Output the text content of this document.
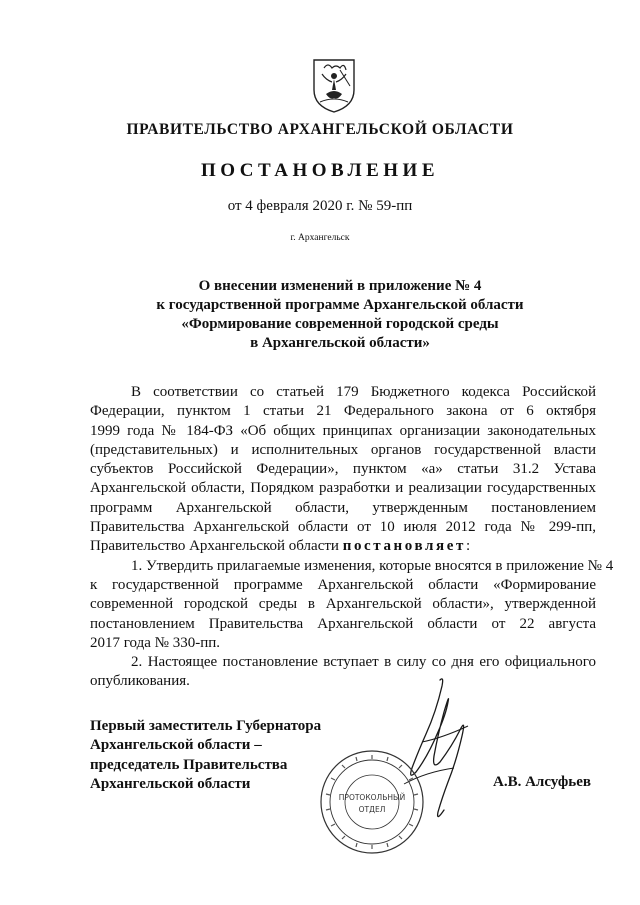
ПРАВИТЕЛЬСТВО АРХАНГЕЛЬСКОЙ ОБЛАСТИ
ПОСТАНОВЛЕНИЕ
от 4 февраля 2020 г. № 59-пп
г. Архангельск
О внесении изменений в приложение № 4
к государственной программе Архангельской области
«Формирование современной городской среды
в Архангельской области»
В соответствии со статьей 179 Бюджетного кодекса Российской
Федерации, пунктом 1 статьи 21 Федерального закона от 6 октября
1999 года № 184-ФЗ «Об общих принципах организации законодательных
(представительных) и исполнительных органов государственной власти
субъектов Российской Федерации», пунктом «а» статьи 31.2 Устава
Архангельской области, Порядком разработки и реализации государственных
программ Архангельской области, утвержденным постановлением
Правительства Архангельской области от 10 июля 2012 года № 299-пп,
Правительство Архангельской области постановляет:
1. Утвердить прилагаемые изменения, которые вносятся в приложение № 4
к государственной программе Архангельской области «Формирование
современной городской среды в Архангельской области», утвержденной
постановлением Правительства Архангельской области от 22 августа
2017 года № 330-пп.
2. Настоящее постановление вступает в силу со дня его официального
опубликования.
ПРОТОКОЛЬНЫЙ
ОТДЕЛ
Первый заместитель Губернатора
Архангельской области –
председатель Правительства
Архангельской области	А.В. Алсуфьев
